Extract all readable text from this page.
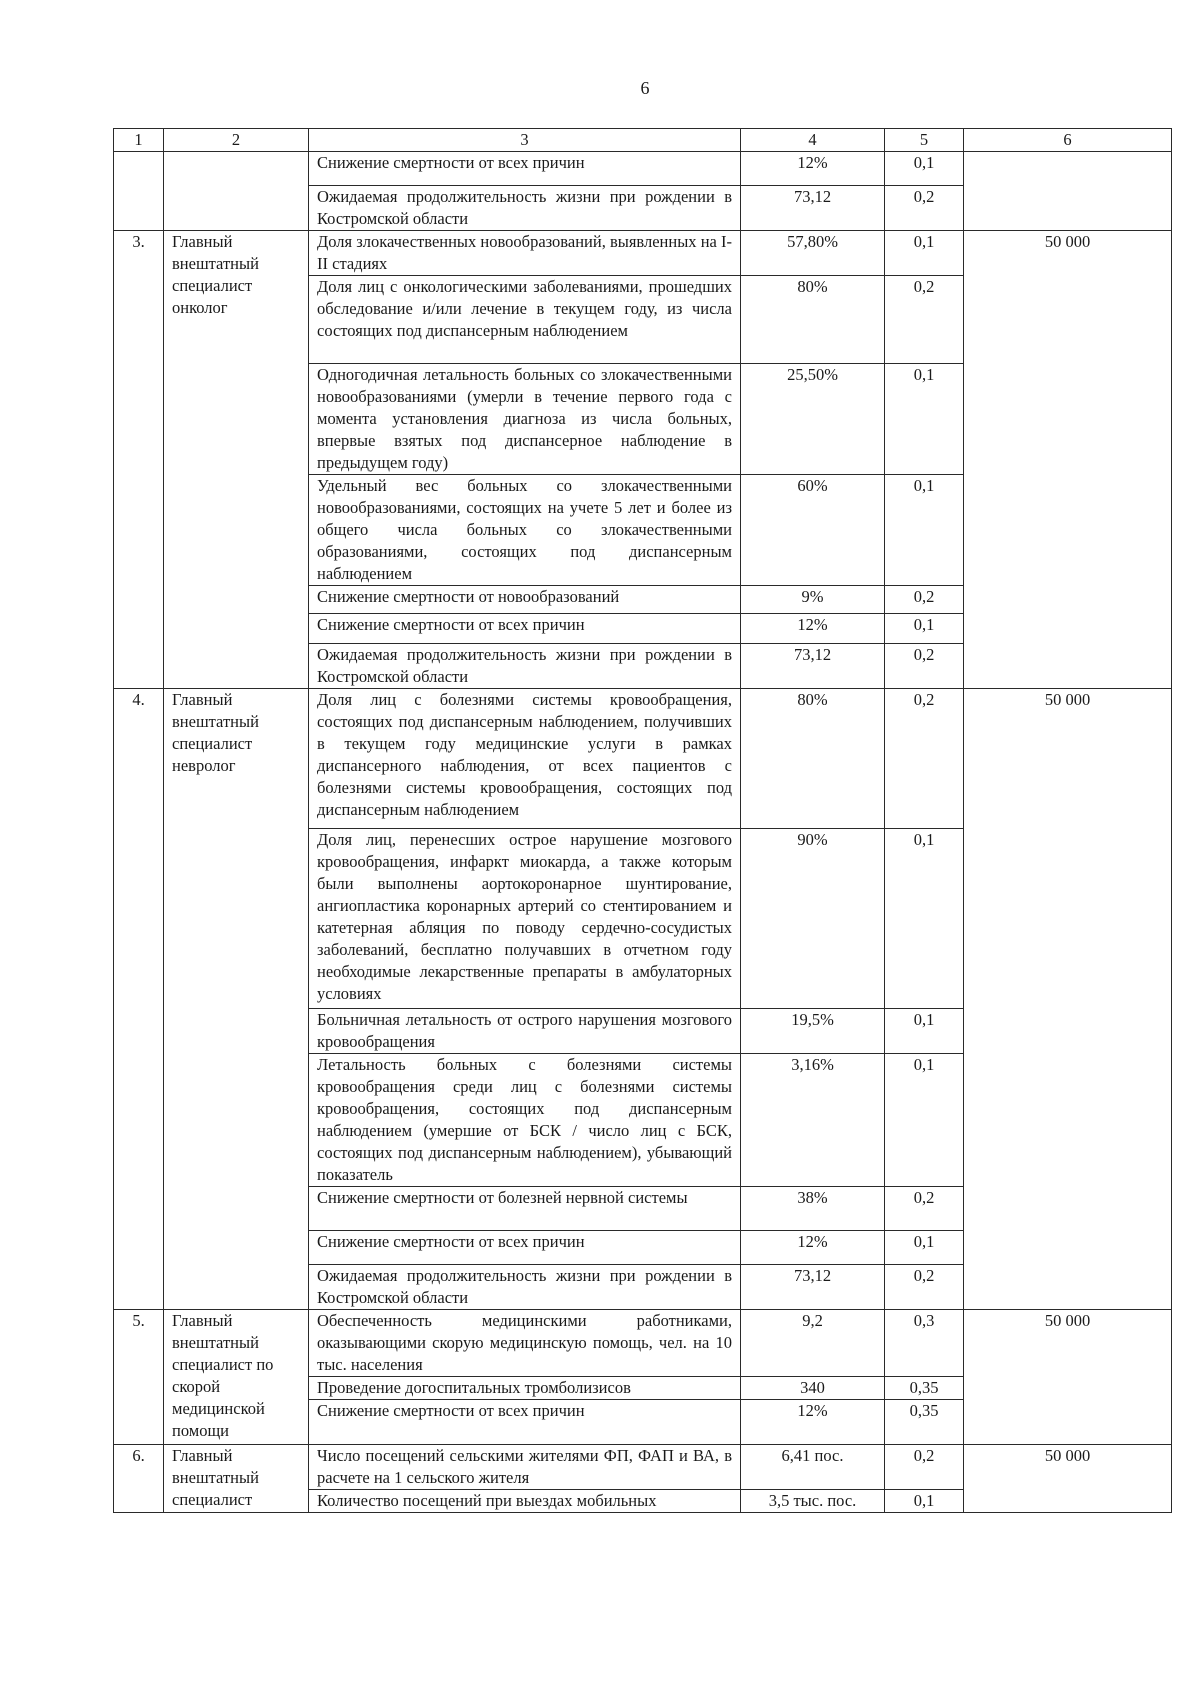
6
1	2	3	4	5	6
		Снижение смертности от всех причин	12%	0,1	
		Ожидаемая продолжительность жизни при рождении в Костромской области	73,12	0,2	
3.	Главный внештатный специалист онколог	Доля злокачественных новообразований, выявленных на I-II стадиях	57,80%	0,1	50 000
		Доля лиц с онкологическими заболеваниями, прошедших обследование и/или лечение в текущем году, из числа состоящих под диспансерным наблюдением	80%	0,2	
		Одногодичная летальность больных со злокачественными новообразованиями (умерли в течение первого года с момента установления диагноза из числа больных, впервые взятых под диспансерное наблюдение в предыдущем году)	25,50%	0,1	
		Удельный вес больных со злокачественными новообразованиями, состоящих на учете 5 лет и более из общего числа больных со злокачественными образованиями, состоящих под диспансерным наблюдением	60%	0,1	
		Снижение смертности от новообразований	9%	0,2	
		Снижение смертности от всех причин	12%	0,1	
		Ожидаемая продолжительность жизни при рождении в Костромской области	73,12	0,2	
4.	Главный внештатный специалист невролог	Доля лиц с болезнями системы кровообращения, состоящих под диспансерным наблюдением, получивших в текущем году медицинские услуги в рамках диспансерного наблюдения, от всех пациентов с болезнями системы кровообращения, состоящих под диспансерным наблюдением	80%	0,2	50 000
		Доля лиц, перенесших острое нарушение мозгового кровообращения, инфаркт миокарда, а также которым были выполнены аортокоронарное шунтирование, ангиопластика коронарных артерий со стентированием и катетерная абляция по поводу сердечно-сосудистых заболеваний, бесплатно получавших в отчетном году необходимые лекарственные препараты в амбулаторных условиях	90%	0,1	
		Больничная летальность от острого нарушения мозгового кровообращения	19,5%	0,1	
		Летальность больных с болезнями системы кровообращения среди лиц с болезнями системы кровообращения, состоящих под диспансерным наблюдением (умершие от БСК / число лиц с БСК, состоящих под диспансерным наблюдением), убывающий показатель	3,16%	0,1	
		Снижение смертности от болезней нервной системы	38%	0,2	
		Снижение смертности от всех причин	12%	0,1	
		Ожидаемая продолжительность жизни при рождении в Костромской области	73,12	0,2	
5.	Главный внештатный специалист по скорой медицинской помощи	Обеспеченность медицинскими работниками, оказывающими скорую медицинскую помощь, чел. на 10 тыс. населения	9,2	0,3	50 000
		Проведение догоспитальных тромболизисов	340	0,35	
		Снижение смертности от всех причин	12%	0,35	
6.	Главный внештатный специалист	Число посещений сельскими жителями ФП, ФАП и ВА, в расчете на 1 сельского жителя	6,41 пос.	0,2	50 000
		Количество посещений при выездах мобильных	3,5 тыс. пос.	0,1	
